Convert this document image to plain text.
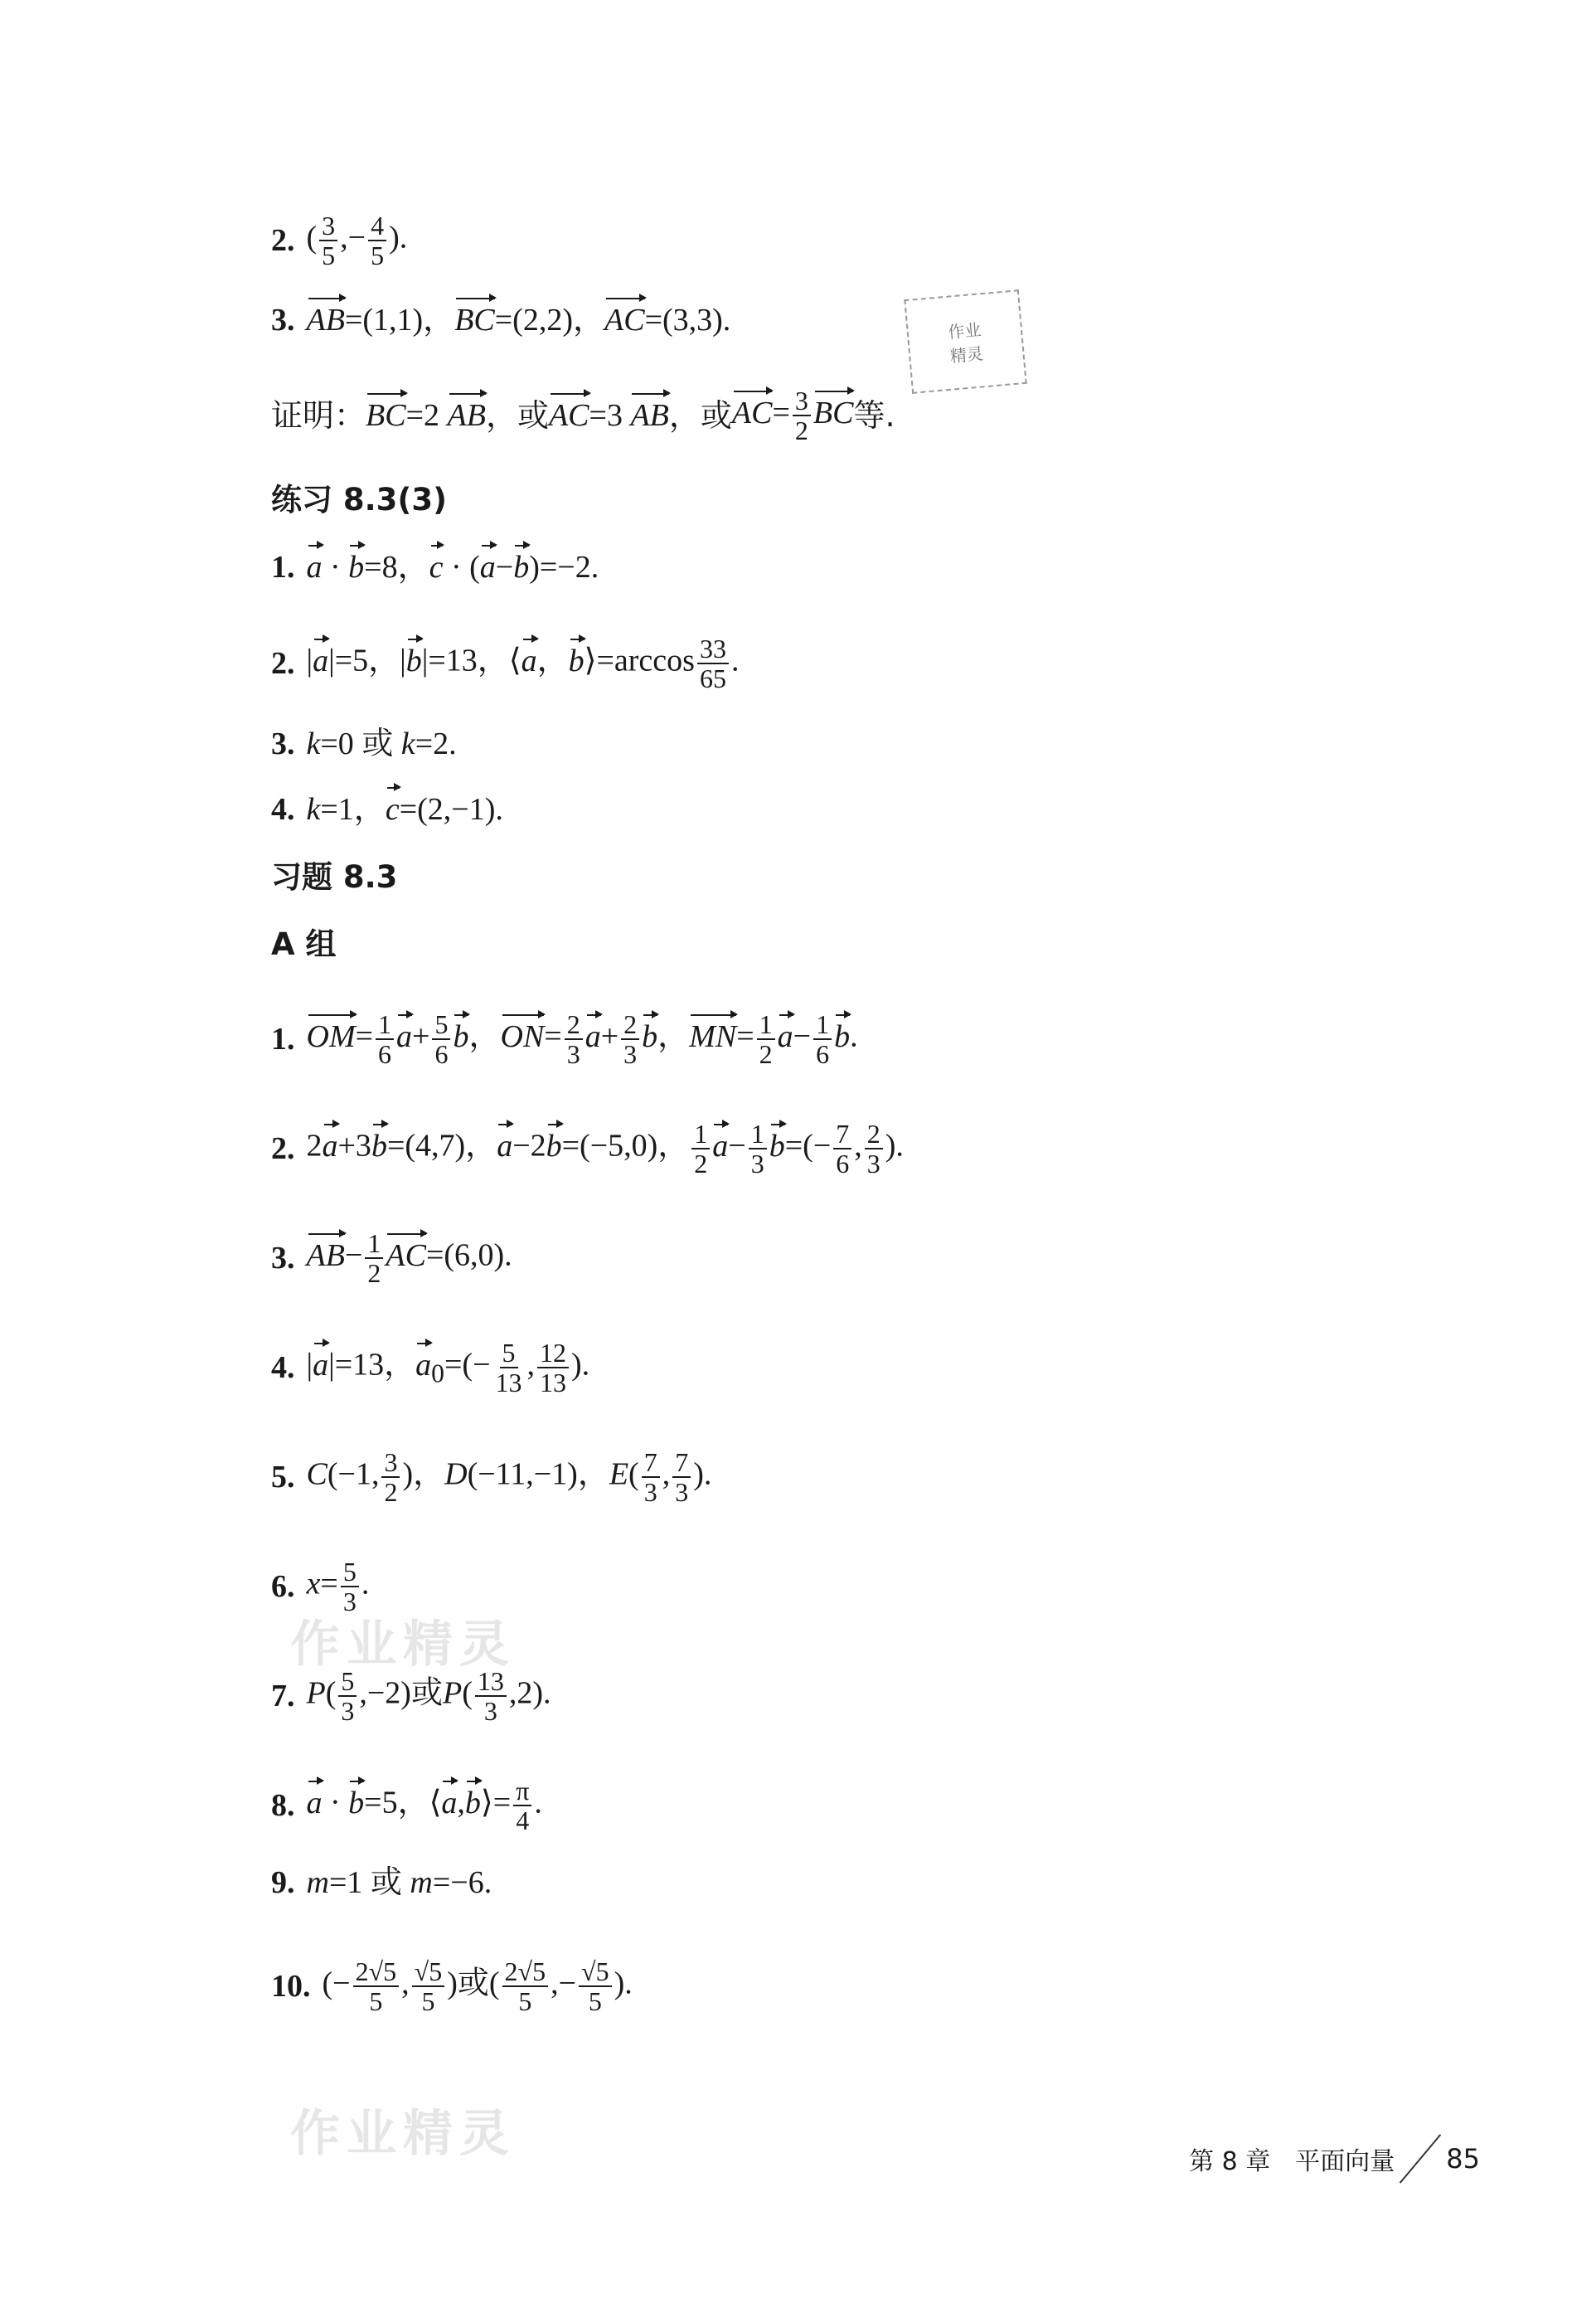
2. ( $\frac{3}{5}$ ,− $\frac{4}{5}$ ).
3. AB=(1,1)，BC=(2,2)，AC=(3,3).	作业
精灵
证明： BC=2 AB ，或 AC=3 AB ，或 $AC= \frac{3}{2}$ BC 等.
练习 8.3(3)
1. a · b=8，c · (a−b)=−2.
2. |a|=5，|b|=13，⟨a，b⟩=arccos $\frac{33}{65}$ .
3. k=0 或 k=2.
4. k=1，c=(2,−1).
习题 8.3
A 组
1. $OM= \frac{1}{6} a+ \frac{5}{6}$ b，$ON= \frac{2}{3} a+ \frac{2}{3}$ b，$MN= \frac{1}{2} a- \frac{1}{6} b$.
2. 2a+3b=(4,7)，a−2b=(−5,0)， $\frac{1}{2} a- \frac{1}{3} b=(- \frac{7}{6}$ , $\frac{2}{3}$ ).
3. $AB- \frac{1}{2} AC=(6,0)$.
4. |a|=13，$a_0=(- \frac{5}{13}$ , $\frac{12}{13}$ ).
5. C(−1, $\frac{3}{2}$ )，D(−11,−1)，$E( \frac{7}{3}$ , $\frac{7}{3}$ ).
6. $x= \frac{5}{3}$ .
作业精灵
7. $P( \frac{5}{3} ,-2)$或$P( \frac{13}{3} ,2)$.
8. a · b=5，⟨a,b⟩= $\frac{\pi}{4}$ .
9. m=1 或 m=−6.
10. (− $\frac{2√5}{5}$ , $\frac{√5}{5}$ )或( $\frac{2√5}{5}$ ,− $\frac{√5}{5}$ ).
作业精灵	第 8 章　平面向量 85
